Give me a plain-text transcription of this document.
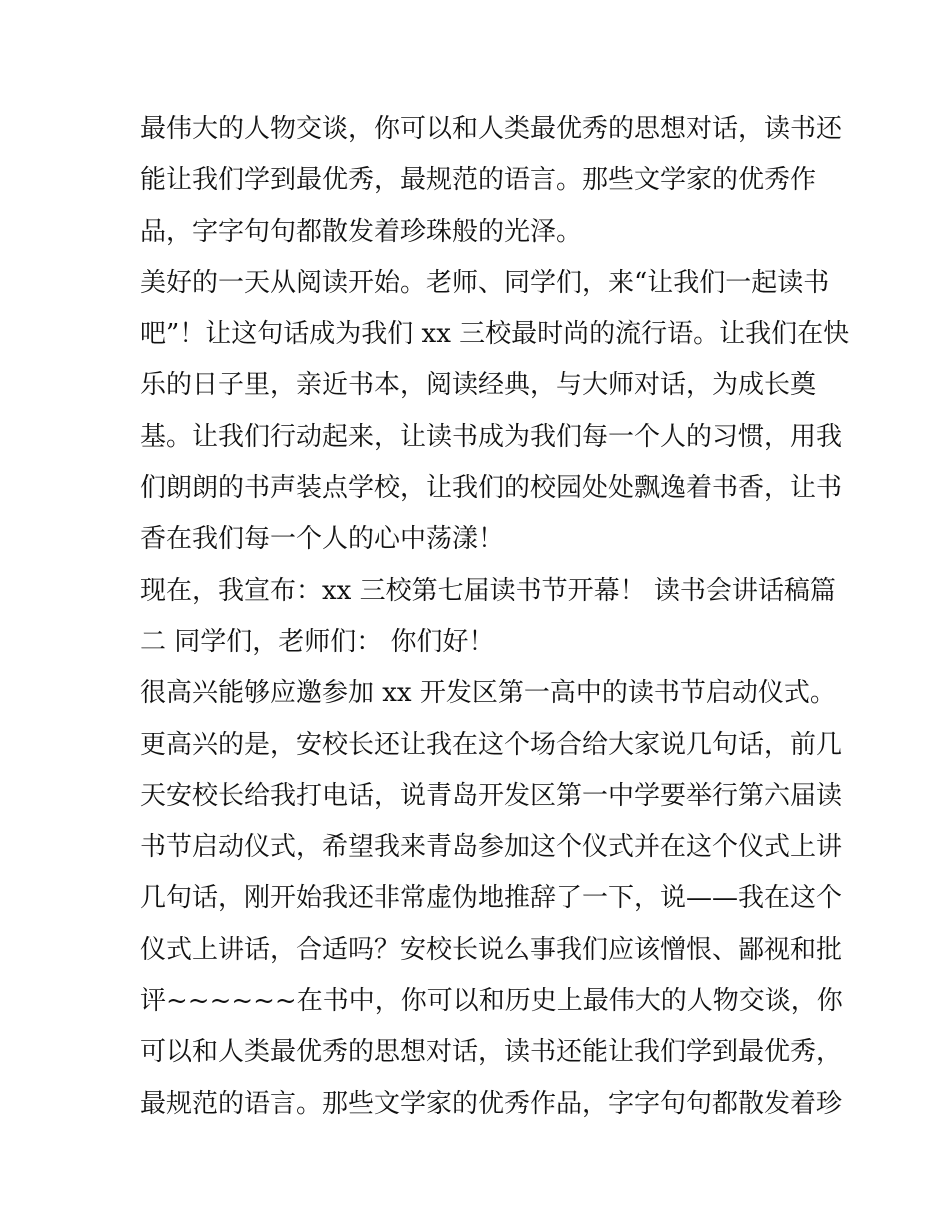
最伟大的人物交谈，你可以和人类最优秀的思想对话，读书还
能让我们学到最优秀，最规范的语言。那些文学家的优秀作
品，字字句句都散发着珍珠般的光泽。
美好的一天从阅读开始。老师、同学们，来“让我们一起读书
吧”！让这句话成为我们 xx 三校最时尚的流行语。让我们在快
乐的日子里，亲近书本，阅读经典，与大师对话，为成长奠
基。让我们行动起来，让读书成为我们每一个人的习惯，用我
们朗朗的书声装点学校，让我们的校园处处飘逸着书香，让书
香在我们每一个人的心中荡漾！
现在，我宣布：xx 三校第七届读书节开幕！ 读书会讲话稿篇
二 同学们，老师们： 你们好！
很高兴能够应邀参加 xx 开发区第一高中的读书节启动仪式。
更高兴的是，安校长还让我在这个场合给大家说几句话，前几
天安校长给我打电话，说青岛开发区第一中学要举行第六届读
书节启动仪式，希望我来青岛参加这个仪式并在这个仪式上讲
几句话，刚开始我还非常虚伪地推辞了一下，说——我在这个
仪式上讲话，合适吗？安校长说么事我们应该憎恨、鄙视和批
评~~~~~~在书中，你可以和历史上最伟大的人物交谈，你
可以和人类最优秀的思想对话，读书还能让我们学到最优秀，
最规范的语言。那些文学家的优秀作品，字字句句都散发着珍
